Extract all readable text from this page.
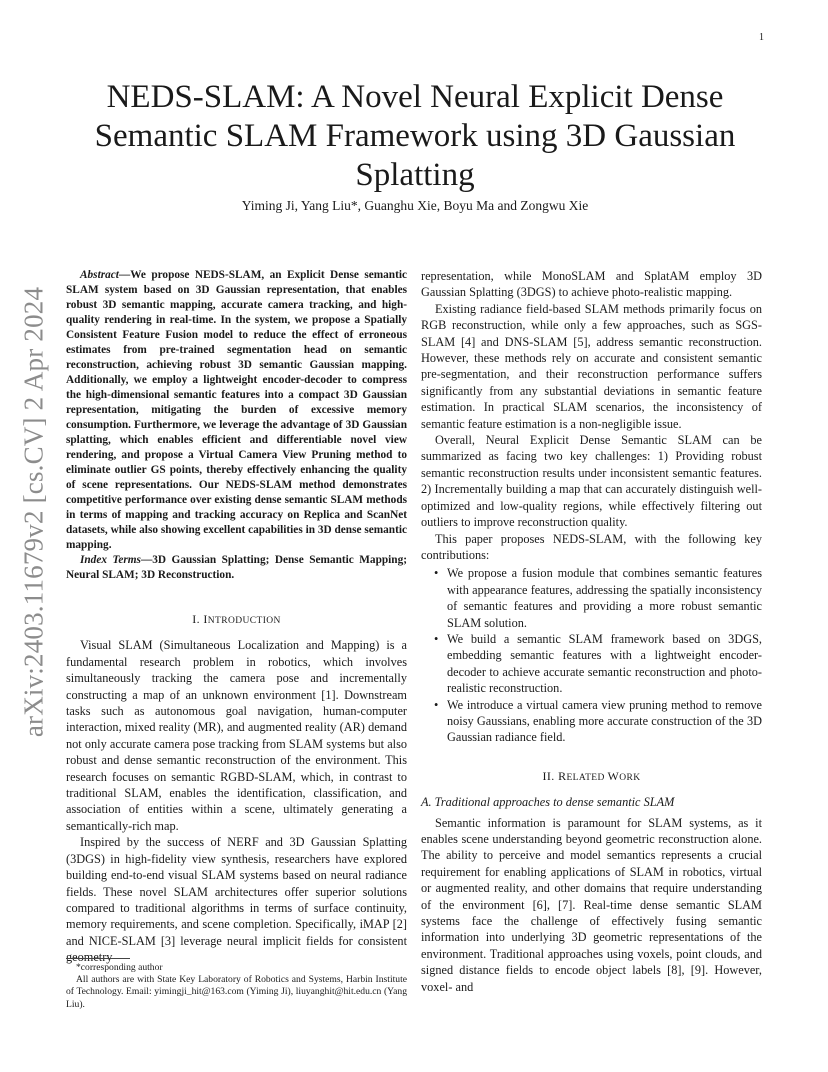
1
NEDS-SLAM: A Novel Neural Explicit Dense Semantic SLAM Framework using 3D Gaussian Splatting
Yiming Ji, Yang Liu*, Guanghu Xie, Boyu Ma and Zongwu Xie
arXiv:2403.11679v2 [cs.CV] 2 Apr 2024

Abstract—We propose NEDS-SLAM, an Explicit Dense semantic SLAM system based on 3D Gaussian representation, that enables robust 3D semantic mapping, accurate camera tracking, and high-quality rendering in real-time. In the system, we propose a Spatially Consistent Feature Fusion model to reduce the effect of erroneous estimates from pre-trained segmentation head on semantic reconstruction, achieving robust 3D semantic Gaussian mapping. Additionally, we employ a lightweight encoder-decoder to compress the high-dimensional semantic features into a compact 3D Gaussian representation, mitigating the burden of excessive memory consumption. Furthermore, we leverage the advantage of 3D Gaussian splatting, which enables efficient and differentiable novel view rendering, and propose a Virtual Camera View Pruning method to eliminate outlier GS points, thereby effectively enhancing the quality of scene representations. Our NEDS-SLAM method demonstrates competitive performance over existing dense semantic SLAM methods in terms of mapping and tracking accuracy on Replica and ScanNet datasets, while also showing excellent capabilities in 3D dense semantic mapping.

Index Terms—3D Gaussian Splatting; Dense Semantic Mapping; Neural SLAM; 3D Reconstruction.

I. INTRODUCTION

Visual SLAM (Simultaneous Localization and Mapping) is a fundamental research problem in robotics, which involves simultaneously tracking the camera pose and incrementally constructing a map of an unknown environment [1]. Downstream tasks such as autonomous goal navigation, human-computer interaction, mixed reality (MR), and augmented reality (AR) demand not only accurate camera pose tracking from SLAM systems but also robust and dense semantic reconstruction of the environment. This research focuses on semantic RGBD-SLAM, which, in contrast to traditional SLAM, enables the identification, classification, and association of entities within a scene, ultimately generating a semantically-rich map.

Inspired by the success of NERF and 3D Gaussian Splatting (3DGS) in high-fidelity view synthesis, researchers have explored building end-to-end visual SLAM systems based on neural radiance fields. These novel SLAM architectures offer superior solutions compared to traditional algorithms in terms of surface continuity, memory requirements, and scene completion. Specifically, iMAP [2] and NICE-SLAM [3] leverage neural implicit fields for consistent geometry

representation, while MonoSLAM and SplatAM employ 3D Gaussian Splatting (3DGS) to achieve photo-realistic mapping.

Existing radiance field-based SLAM methods primarily focus on RGB reconstruction, while only a few approaches, such as SGS-SLAM [4] and DNS-SLAM [5], address semantic reconstruction. However, these methods rely on accurate and consistent semantic pre-segmentation, and their reconstruction performance suffers significantly from any substantial deviations in semantic feature estimation. In practical SLAM scenarios, the inconsistency of semantic feature estimation is a non-negligible issue.

Overall, Neural Explicit Dense Semantic SLAM can be summarized as facing two key challenges: 1) Providing robust semantic reconstruction results under inconsistent semantic features. 2) Incrementally building a map that can accurately distinguish well-optimized and low-quality regions, while effectively filtering out outliers to improve reconstruction quality.

This paper proposes NEDS-SLAM, with the following key contributions:

• We propose a fusion module that combines semantic features with appearance features, addressing the spatially inconsistency of semantic features and providing a more robust semantic SLAM solution.
• We build a semantic SLAM framework based on 3DGS, embedding semantic features with a lightweight encoder-decoder to achieve accurate semantic reconstruction and photo-realistic reconstruction.
• We introduce a virtual camera view pruning method to remove noisy Gaussians, enabling more accurate construction of the 3D Gaussian radiance field.
II. RELATED WORK
A. Traditional approaches to dense semantic SLAM

Semantic information is paramount for SLAM systems, as it enables scene understanding beyond geometric reconstruction alone. The ability to perceive and model semantics represents a crucial requirement for enabling applications of SLAM in robotics, virtual or augmented reality, and other domains that require understanding of the environment [6], [7]. Real-time dense semantic SLAM systems face the challenge of effectively fusing semantic information into underlying 3D geometric representations of the environment. Traditional approaches using voxels, point clouds, and signed distance fields to encode object labels [8], [9]. However, voxel- and

*corresponding author

All authors are with State Key Laboratory of Robotics and Systems, Harbin Institute of Technology. Email: yimingji_hit@163.com (Yiming Ji), liuyanghit@hit.edu.cn (Yang Liu).
